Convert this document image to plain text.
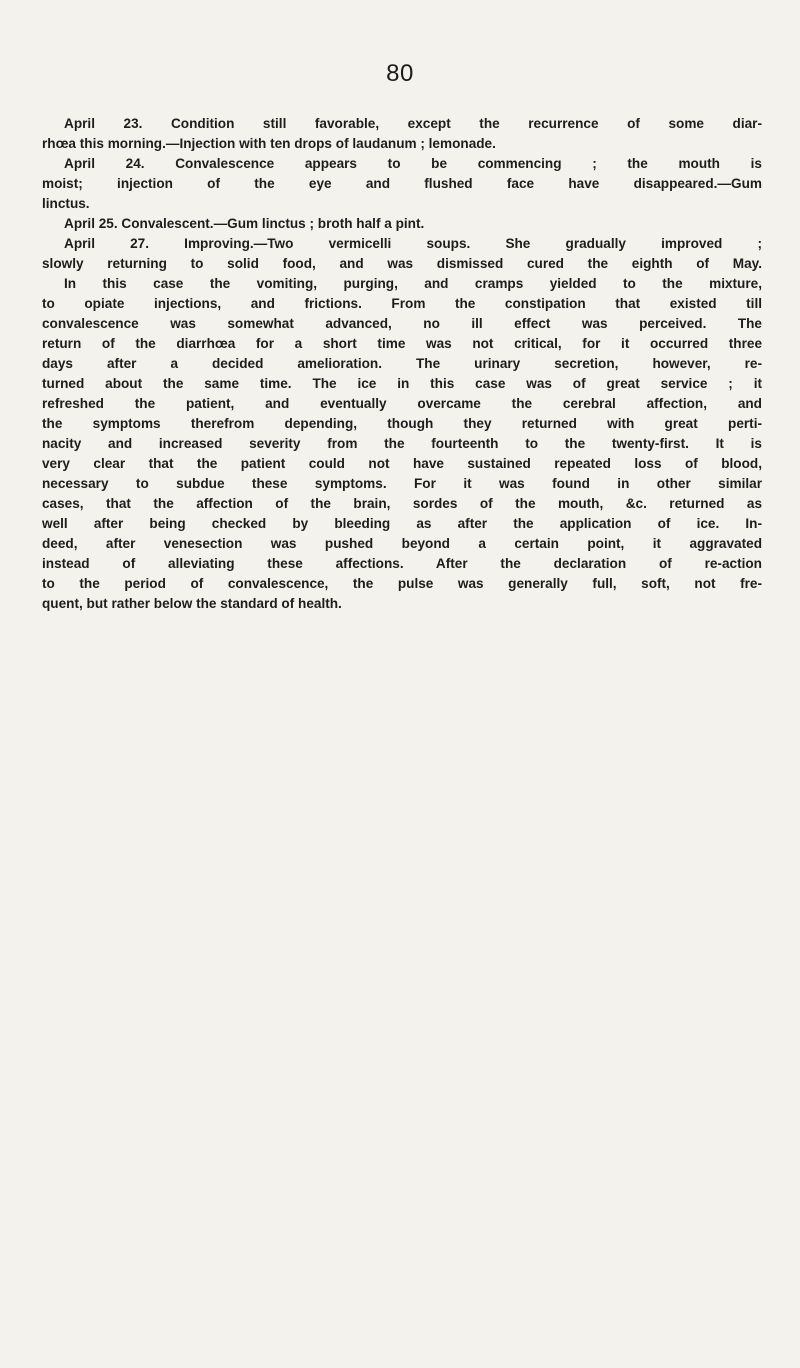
80
April 23. Condition still favorable, except the recurrence of some diar-
rhœa this morning.—Injection with ten drops of laudanum ; lemonade.
April 24. Convalescence appears to be commencing ; the mouth is
moist; injection of the eye and flushed face have disappeared.—Gum
linctus.
April 25. Convalescent.—Gum linctus ; broth half a pint.
April 27. Improving.—Two vermicelli soups. She gradually improved ;
slowly returning to solid food, and was dismissed cured the eighth of May.
In this case the vomiting, purging, and cramps yielded to the mixture,
to opiate injections, and frictions. From the constipation that existed till
convalescence was somewhat advanced, no ill effect was perceived. The
return of the diarrhœa for a short time was not critical, for it occurred three
days after a decided amelioration. The urinary secretion, however, re-
turned about the same time. The ice in this case was of great service ; it
refreshed the patient, and eventually overcame the cerebral affection, and
the symptoms therefrom depending, though they returned with great perti-
nacity and increased severity from the fourteenth to the twenty-first. It is
very clear that the patient could not have sustained repeated loss of blood,
necessary to subdue these symptoms. For it was found in other similar
cases, that the affection of the brain, sordes of the mouth, &c. returned as
well after being checked by bleeding as after the application of ice. In-
deed, after venesection was pushed beyond a certain point, it aggravated
instead of alleviating these affections. After the declaration of re-action
to the period of convalescence, the pulse was generally full, soft, not fre-
quent, but rather below the standard of health.
